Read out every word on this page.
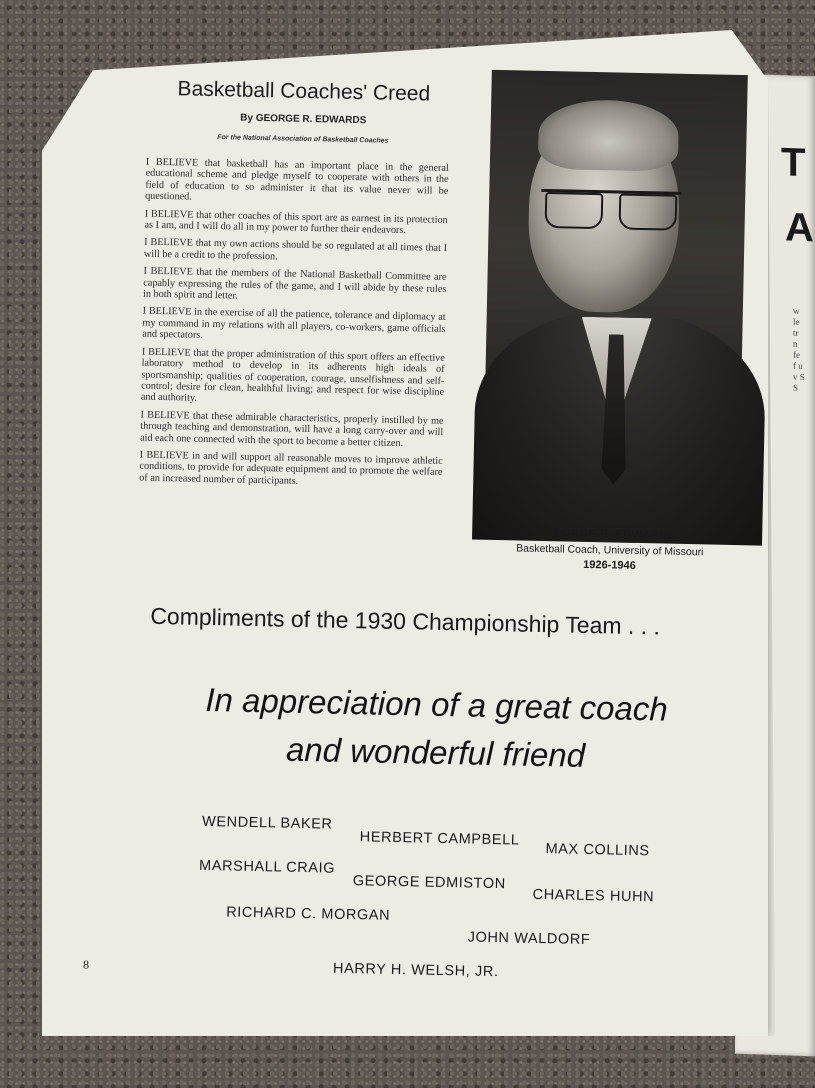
T
A
w le tr n fe f u v S S
Basketball Coaches' Creed
By GEORGE R. EDWARDS
For the National Association of Basketball Coaches

I BELIEVE that basketball has an important place in the general educational scheme and pledge myself to cooperate with others in the field of education to so administer it that its value never will be questioned.

I BELIEVE that other coaches of this sport are as earnest in its protection as I am, and I will do all in my power to further their endeavors.

I BELIEVE that my own actions should be so regulated at all times that I will be a credit to the profession.

I BELIEVE that the members of the National Basketball Committee are capably expressing the rules of the game, and I will abide by these rules in both spirit and letter.

I BELIEVE in the exercise of all the patience, tolerance and diplomacy at my command in my relations with all players, co-workers, game officials and spectators.

I BELIEVE that the proper administration of this sport offers an effective laboratory method to develop in its adherents high ideals of sportsmanship; qualities of cooperation, courage, unselfishness and self-control; desire for clean, healthful living; and respect for wise discipline and authority.

I BELIEVE that these admirable characteristics, properly instilled by me through teaching and demonstration, will have a long carry-over and will aid each one connected with the sport to become a better citizen.

I BELIEVE in and will support all reasonable moves to improve athletic conditions, to provide for adequate equipment and to promote the welfare of an increased number of participants.

GEORGE R. EDWARDS
Basketball Coach, University of Missouri
1926-1946
Compliments of the 1930 Championship Team . . .
In appreciation of a great coach
and wonderful friend
WENDELL BAKER
HERBERT CAMPBELL
MAX COLLINS
MARSHALL CRAIG
GEORGE EDMISTON
CHARLES HUHN
RICHARD C. MORGAN
JOHN WALDORF
HARRY H. WELSH, JR.
8
